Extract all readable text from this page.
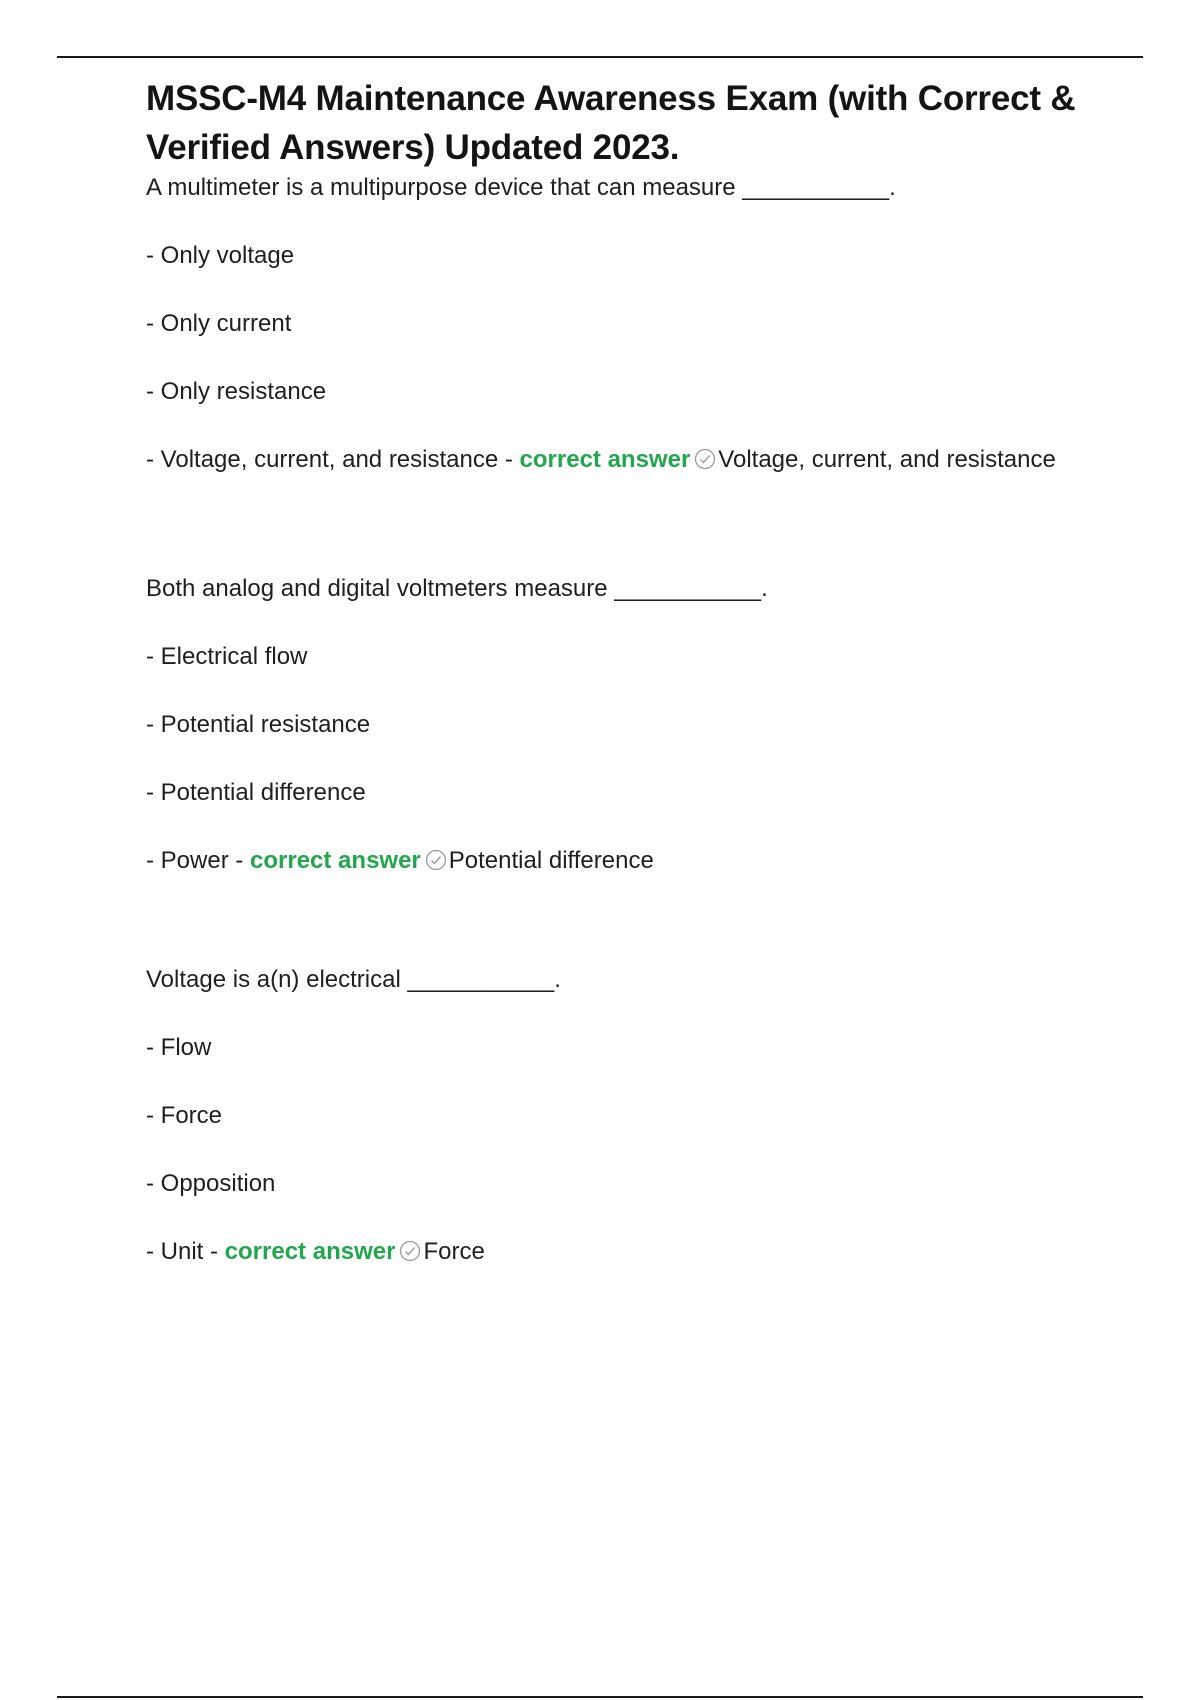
MSSC-M4 Maintenance Awareness Exam (with Correct & Verified Answers) Updated 2023.
A multimeter is a multipurpose device that can measure ___________.
- Only voltage
- Only current
- Only resistance
- Voltage, current, and resistance - correct answer Voltage, current, and resistance
Both analog and digital voltmeters measure ___________.
- Electrical flow
- Potential resistance
- Potential difference
- Power - correct answer Potential difference
Voltage is a(n) electrical ___________.
- Flow
- Force
- Opposition
- Unit - correct answer Force
